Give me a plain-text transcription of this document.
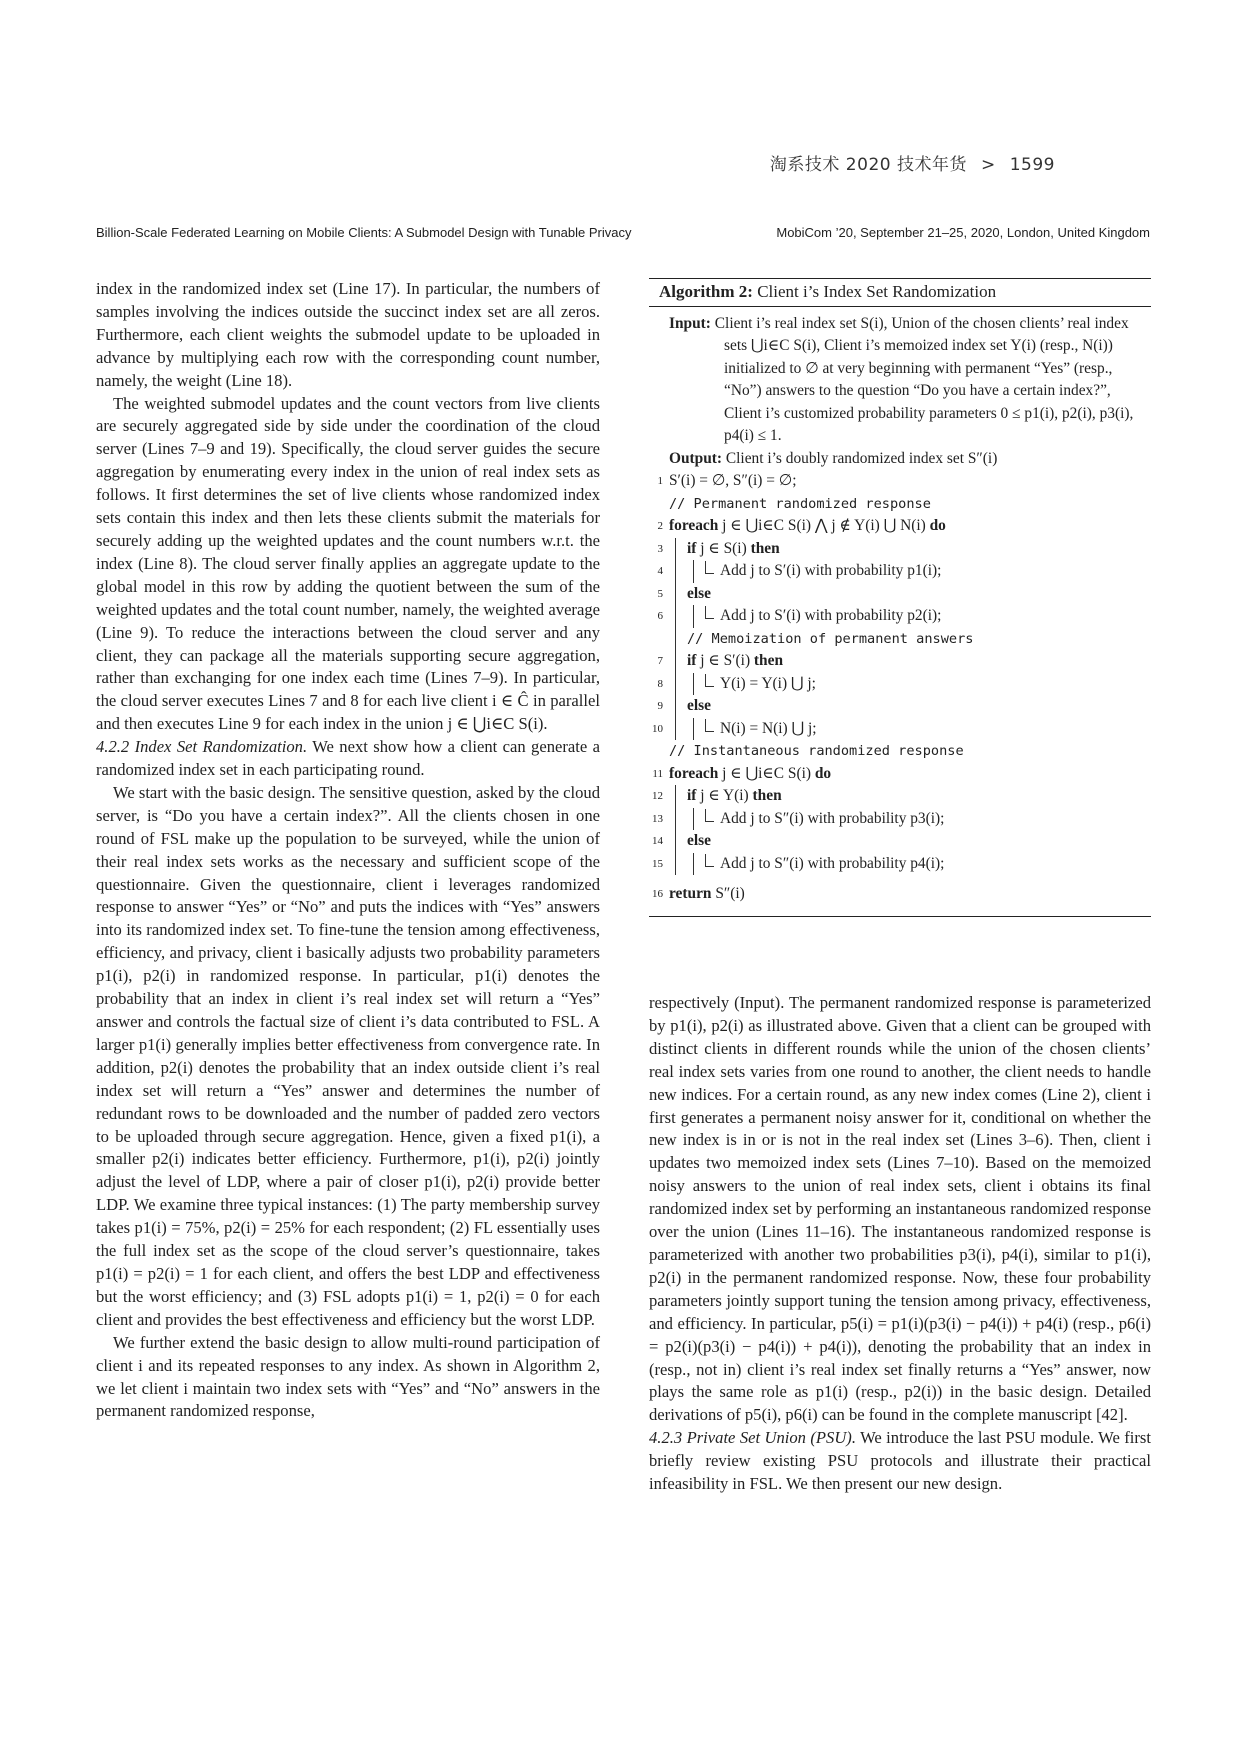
淘系技术 2020 技术年货 > 1599
Billion-Scale Federated Learning on Mobile Clients: A Submodel Design with Tunable Privacy	MobiCom ’20, September 21–25, 2020, London, United Kingdom

index in the randomized index set (Line 17). In particular, the numbers of samples involving the indices outside the succinct index set are all zeros. Furthermore, each client weights the submodel update to be uploaded in advance by multiplying each row with the corresponding count number, namely, the weight (Line 18).

The weighted submodel updates and the count vectors from live clients are securely aggregated side by side under the coordination of the cloud server (Lines 7–9 and 19). Specifically, the cloud server guides the secure aggregation by enumerating every index in the union of real index sets as follows. It first determines the set of live clients whose randomized index sets contain this index and then lets these clients submit the materials for securely adding up the weighted updates and the count numbers w.r.t. the index (Line 8). The cloud server finally applies an aggregate update to the global model in this row by adding the quotient between the sum of the weighted updates and the total count number, namely, the weighted average (Line 9). To reduce the interactions between the cloud server and any client, they can package all the materials supporting secure aggregation, rather than exchanging for one index each time (Lines 7–9). In particular, the cloud server executes Lines 7 and 8 for each live client i ∈ Ĉ in parallel and then executes Line 9 for each index in the union j ∈ ⋃i∈C S(i).

4.2.2 Index Set Randomization. We next show how a client can generate a randomized index set in each participating round.

We start with the basic design. The sensitive question, asked by the cloud server, is “Do you have a certain index?”. All the clients chosen in one round of FSL make up the population to be surveyed, while the union of their real index sets works as the necessary and sufficient scope of the questionnaire. Given the questionnaire, client i leverages randomized response to answer “Yes” or “No” and puts the indices with “Yes” answers into its randomized index set. To fine-tune the tension among effectiveness, efficiency, and privacy, client i basically adjusts two probability parameters p1(i), p2(i) in randomized response. In particular, p1(i) denotes the probability that an index in client i’s real index set will return a “Yes” answer and controls the factual size of client i’s data contributed to FSL. A larger p1(i) generally implies better effectiveness from convergence rate. In addition, p2(i) denotes the probability that an index outside client i’s real index set will return a “Yes” answer and determines the number of redundant rows to be downloaded and the number of padded zero vectors to be uploaded through secure aggregation. Hence, given a fixed p1(i), a smaller p2(i) indicates better efficiency. Furthermore, p1(i), p2(i) jointly adjust the level of LDP, where a pair of closer p1(i), p2(i) provide better LDP. We examine three typical instances: (1) The party membership survey takes p1(i) = 75%, p2(i) = 25% for each respondent; (2) FL essentially uses the full index set as the scope of the cloud server’s questionnaire, takes p1(i) = p2(i) = 1 for each client, and offers the best LDP and effectiveness but the worst efficiency; and (3) FSL adopts p1(i) = 1, p2(i) = 0 for each client and provides the best effectiveness and efficiency but the worst LDP.

We further extend the basic design to allow multi-round participation of client i and its repeated responses to any index. As shown in Algorithm 2, we let client i maintain two index sets with “Yes” and “No” answers in the permanent randomized response,

Algorithm 2: Client i’s Index Set Randomization
Input: Client i’s real index set S(i), Union of the chosen clients’ real index sets ⋃i∈C S(i), Client i’s memoized index set Y(i) (resp., N(i)) initialized to ∅ at very beginning with permanent “Yes” (resp., “No”) answers to the question “Do you have a certain index?”, Client i’s customized probability parameters 0 ≤ p1(i), p2(i), p3(i), p4(i) ≤ 1.
Output: Client i’s doubly randomized index set S″(i)
1 S′(i) = ∅, S″(i) = ∅;
// Permanent randomized response
2 foreach j ∈ ⋃i∈C S(i) ⋀ j ∉ Y(i) ⋃ N(i) do
3 if j ∈ S(i) then
4	Add j to S′(i) with probability p1(i);
5 else
6	Add j to S′(i) with probability p2(i);
// Memoization of permanent answers
7 if j ∈ S′(i) then
8	Y(i) = Y(i) ⋃ j;
9 else
10	N(i) = N(i) ⋃ j;
// Instantaneous randomized response
11 foreach j ∈ ⋃i∈C S(i) do
12 if j ∈ Y(i) then
13	Add j to S″(i) with probability p3(i);
14 else
15	Add j to S″(i) with probability p4(i);
16 return S″(i)

respectively (Input). The permanent randomized response is parameterized by p1(i), p2(i) as illustrated above. Given that a client can be grouped with distinct clients in different rounds while the union of the chosen clients’ real index sets varies from one round to another, the client needs to handle new indices. For a certain round, as any new index comes (Line 2), client i first generates a permanent noisy answer for it, conditional on whether the new index is in or is not in the real index set (Lines 3–6). Then, client i updates two memoized index sets (Lines 7–10). Based on the memoized noisy answers to the union of real index sets, client i obtains its final randomized index set by performing an instantaneous randomized response over the union (Lines 11–16). The instantaneous randomized response is parameterized with another two probabilities p3(i), p4(i), similar to p1(i), p2(i) in the permanent randomized response. Now, these four probability parameters jointly support tuning the tension among privacy, effectiveness, and efficiency. In particular, p5(i) = p1(i)(p3(i) − p4(i)) + p4(i) (resp., p6(i) = p2(i)(p3(i) − p4(i)) + p4(i)), denoting the probability that an index in (resp., not in) client i’s real index set finally returns a “Yes” answer, now plays the same role as p1(i) (resp., p2(i)) in the basic design. Detailed derivations of p5(i), p6(i) can be found in the complete manuscript [42].

4.2.3 Private Set Union (PSU). We introduce the last PSU module. We first briefly review existing PSU protocols and illustrate their practical infeasibility in FSL. We then present our new design.
